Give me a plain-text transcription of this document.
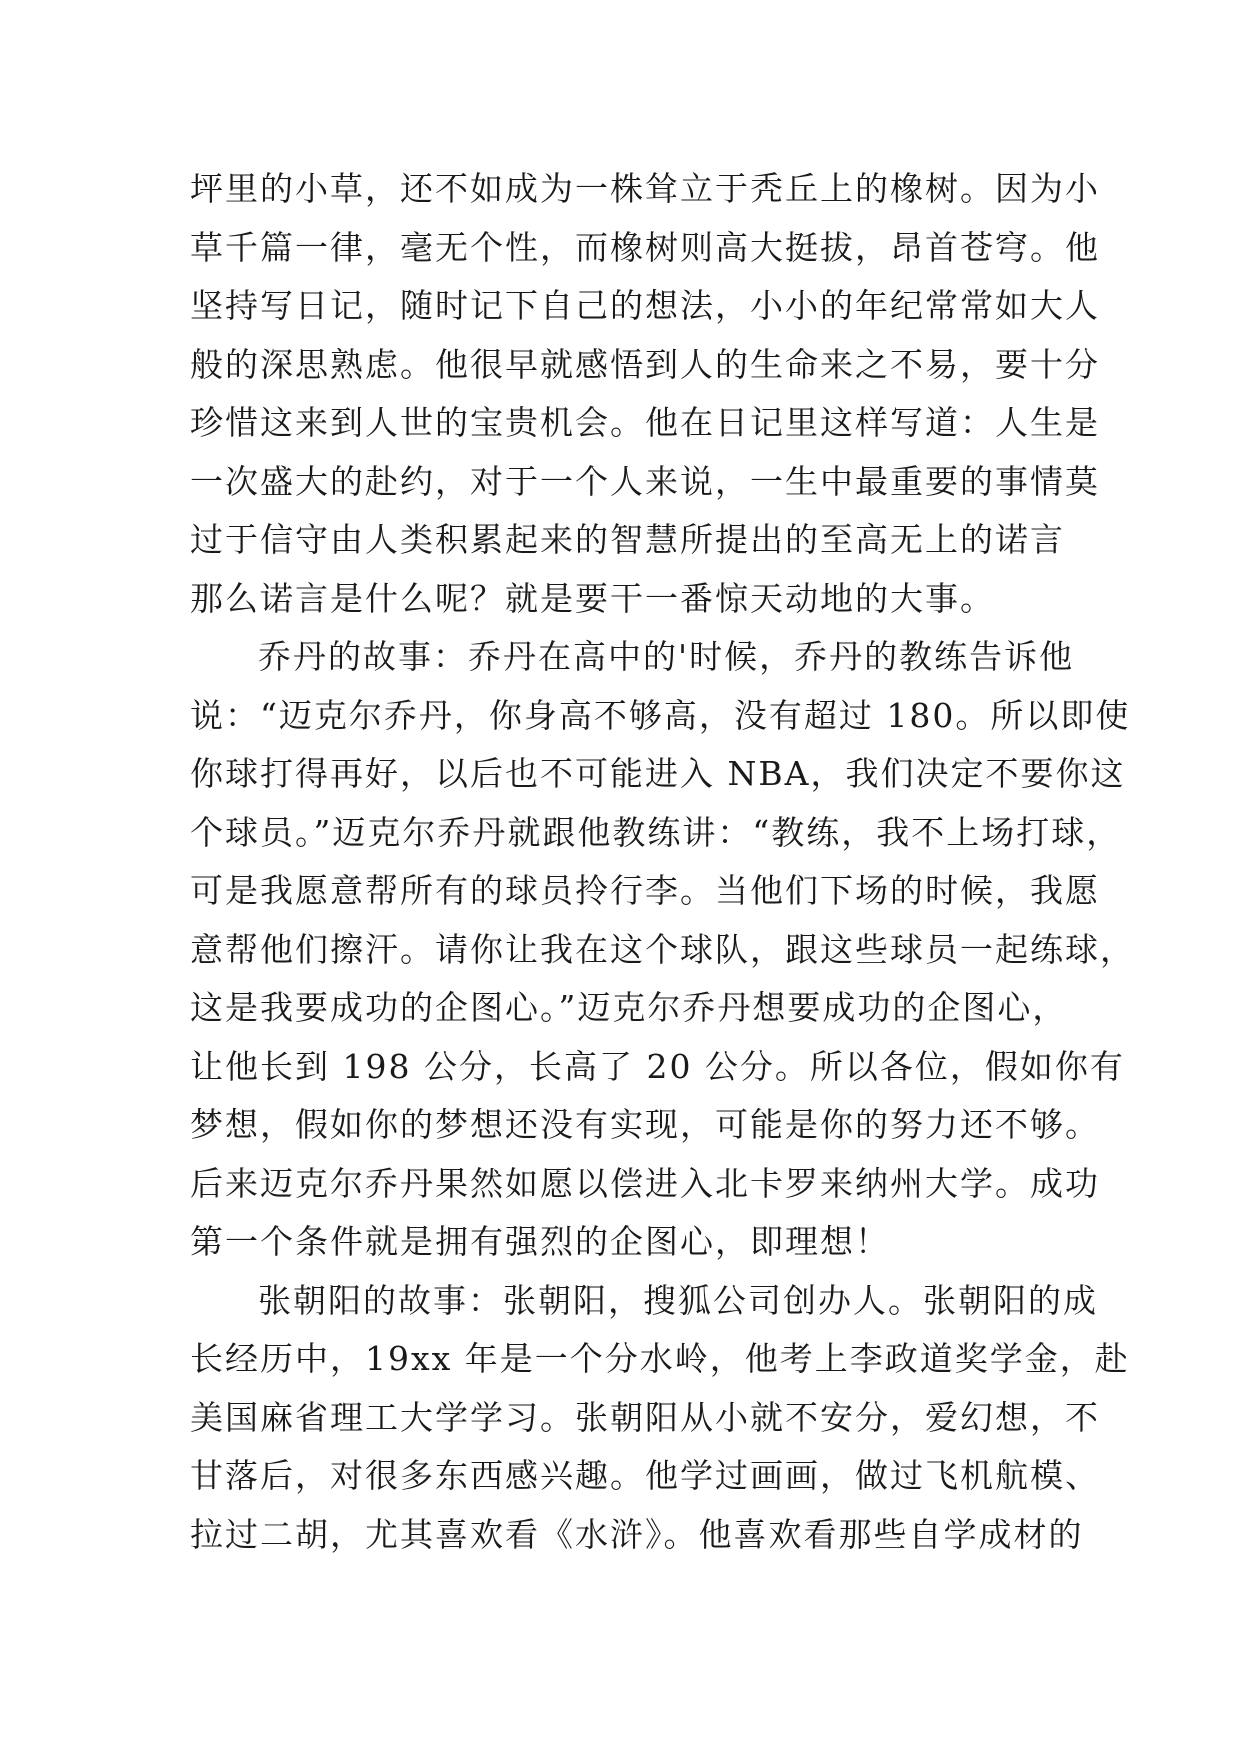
坪里的小草，还不如成为一株耸立于秃丘上的橡树。因为小
草千篇一律，毫无个性，而橡树则高大挺拔，昂首苍穹。他
坚持写日记，随时记下自己的想法，小小的年纪常常如大人
般的深思熟虑。他很早就感悟到人的生命来之不易，要十分
珍惜这来到人世的宝贵机会。他在日记里这样写道：人生是
一次盛大的赴约，对于一个人来说，一生中最重要的事情莫
过于信守由人类积累起来的智慧所提出的至高无上的诺言
那么诺言是什么呢？就是要干一番惊天动地的大事。
乔丹的故事：乔丹在高中的'时候，乔丹的教练告诉他
说：“迈克尔乔丹，你身高不够高，没有超过 180。所以即使
你球打得再好，以后也不可能进入 NBA，我们决定不要你这
个球员。”迈克尔乔丹就跟他教练讲：“教练，我不上场打球，
可是我愿意帮所有的球员拎行李。当他们下场的时候，我愿
意帮他们擦汗。请你让我在这个球队，跟这些球员一起练球，
这是我要成功的企图心。”迈克尔乔丹想要成功的企图心，
让他长到 198 公分，长高了 20 公分。所以各位，假如你有
梦想，假如你的梦想还没有实现，可能是你的努力还不够。
后来迈克尔乔丹果然如愿以偿进入北卡罗来纳州大学。成功
第一个条件就是拥有强烈的企图心，即理想！
张朝阳的故事：张朝阳，搜狐公司创办人。张朝阳的成
长经历中，19xx 年是一个分水岭，他考上李政道奖学金，赴
美国麻省理工大学学习。张朝阳从小就不安分，爱幻想，不
甘落后，对很多东西感兴趣。他学过画画，做过飞机航模、
拉过二胡，尤其喜欢看《水浒》。他喜欢看那些自学成材的
